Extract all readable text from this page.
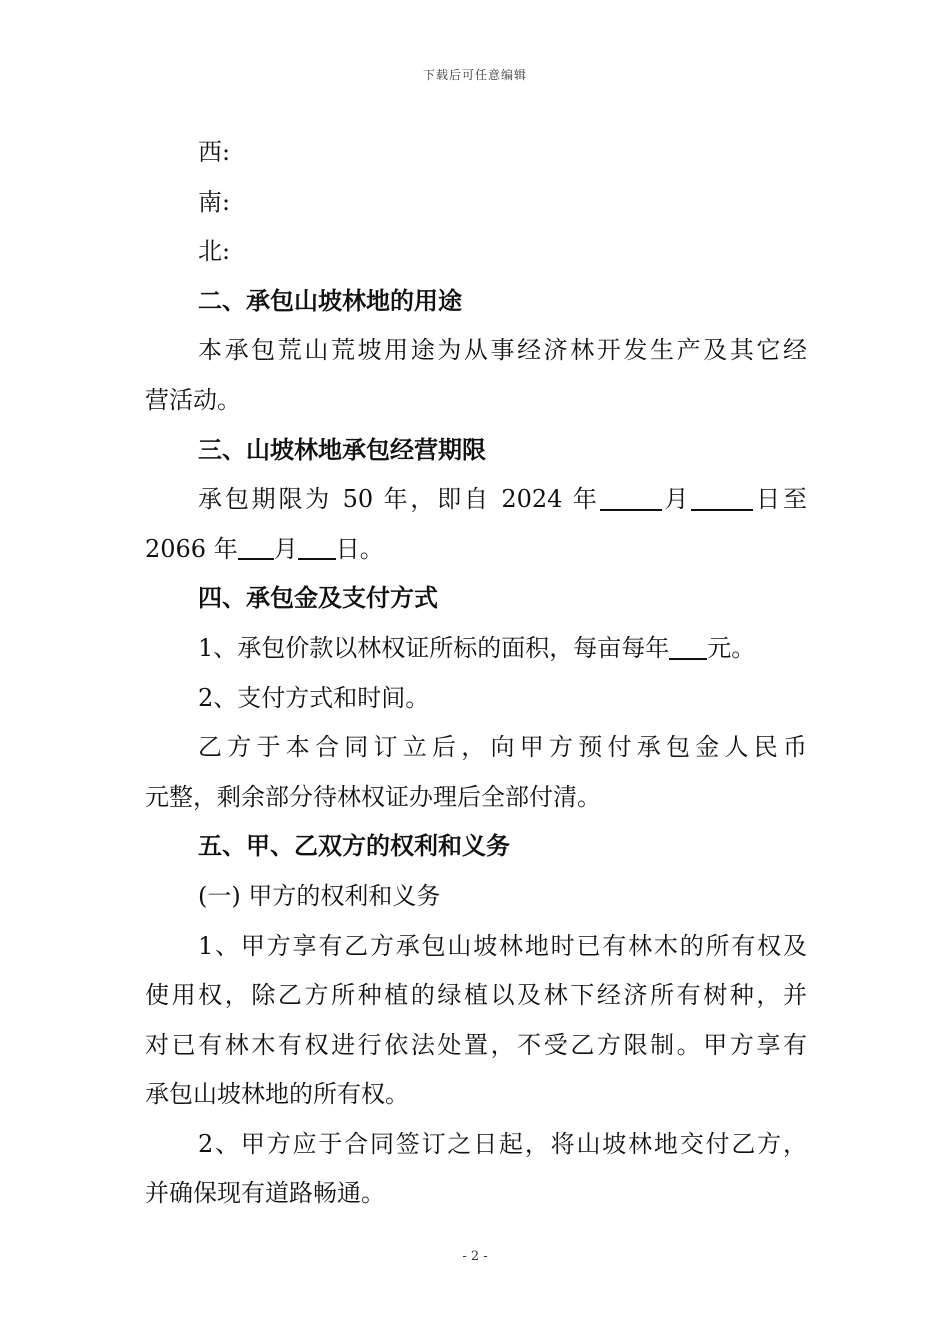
下载后可任意编辑

西:

南:

北:

二、承包山坡林地的用途

本承包荒山荒坡用途为从事经济林开发生产及其它经

营活动。

三、山坡林地承包经营期限

承包期限为 50 年，即自 2024 年	月	日至

2066 年 月 日。

四、承包金及支付方式

1、承包价款以林权证所标的面积，每亩每年 元。

2、支付方式和时间。

乙方于本合同订立后，向甲方预付承包金人民币

元整，剩余部分待林权证办理后全部付清。

五、甲、乙双方的权利和义务

(一) 甲方的权利和义务

1、甲方享有乙方承包山坡林地时已有林木的所有权及

使用权，除乙方所种植的绿植以及林下经济所有树种，并

对已有林木有权进行依法处置，不受乙方限制。甲方享有

承包山坡林地的所有权。

2、甲方应于合同签订之日起，将山坡林地交付乙方，

并确保现有道路畅通。

- 2 -
